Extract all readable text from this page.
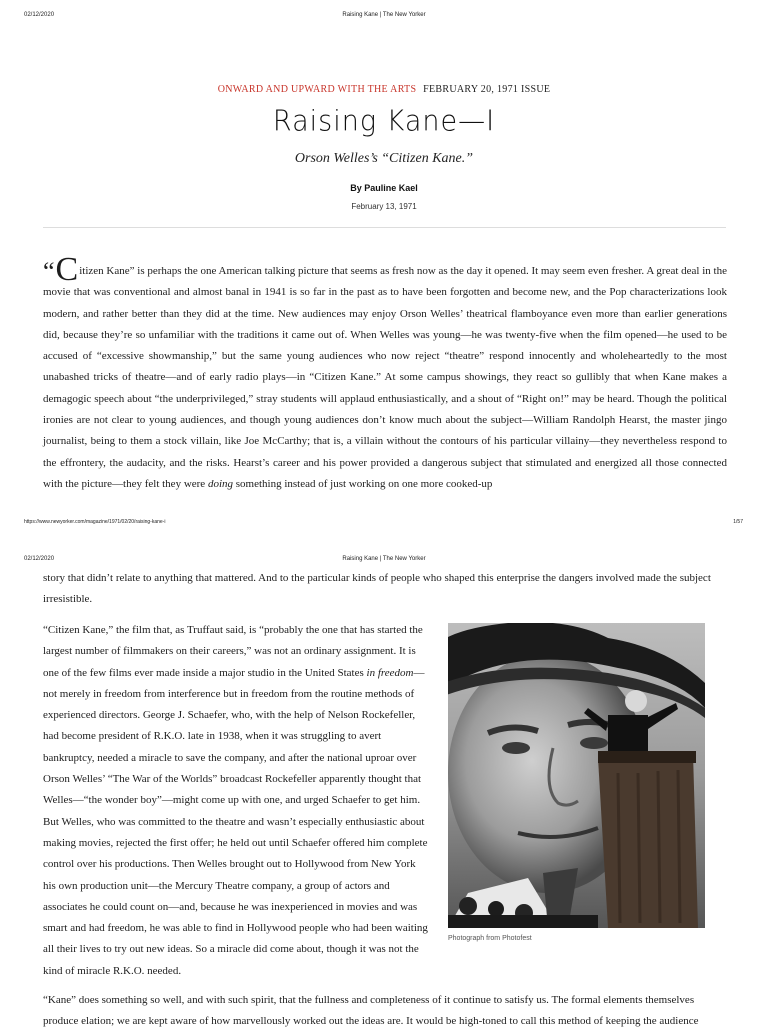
02/12/2020	Raising Kane | The New Yorker
ONWARD AND UPWARD WITH THE ARTS FEBRUARY 20, 1971 ISSUE
Raising Kane—I
Orson Welles’s “Citizen Kane.”
By Pauline Kael
February 13, 1971
“Citizen Kane” is perhaps the one American talking picture that seems as fresh now as the day it opened. It may seem even fresher. A great deal in the movie that was conventional and almost banal in 1941 is so far in the past as to have been forgotten and become new, and the Pop characterizations look modern, and rather better than they did at the time. New audiences may enjoy Orson Welles’ theatrical flamboyance even more than earlier generations did, because they’re so unfamiliar with the traditions it came out of. When Welles was young—he was twenty-five when the film opened—he used to be accused of “excessive showmanship,” but the same young audiences who now reject “theatre” respond innocently and wholeheartedly to the most unabashed tricks of theatre—and of early radio plays—in “Citizen Kane.” At some campus showings, they react so gullibly that when Kane makes a demagogic speech about “the underprivileged,” stray students will applaud enthusiastically, and a shout of “Right on!” may be heard. Though the political ironies are not clear to young audiences, and though young audiences don’t know much about the subject—William Randolph Hearst, the master jingo journalist, being to them a stock villain, like Joe McCarthy; that is, a villain without the contours of his particular villainy—they nevertheless respond to the effrontery, the audacity, and the risks. Hearst’s career and his power provided a dangerous subject that stimulated and energized all those connected with the picture—they felt they were doing something instead of just working on one more cooked-up
https://www.newyorker.com/magazine/1971/02/20/raising-kane-i	1/57
02/12/2020	Raising Kane | The New Yorker
story that didn’t relate to anything that mattered. And to the particular kinds of people who shaped this enterprise the dangers involved made the subject irresistible.
“Citizen Kane,” the film that, as Truffaut said, is “probably the one that has started the largest number of filmmakers on their careers,” was not an ordinary assignment. It is one of the few films ever made inside a major studio in the United States in freedom—not merely in freedom from interference but in freedom from the routine methods of experienced directors. George J. Schaefer, who, with the help of Nelson Rockefeller, had become president of R.K.O. late in 1938, when it was struggling to avert bankruptcy, needed a miracle to save the company, and after the national uproar over Orson Welles’ “The War of the Worlds” broadcast Rockefeller apparently thought that Welles—“the wonder boy”—might come up with one, and urged Schaefer to get him. But Welles, who was committed to the theatre and wasn’t especially enthusiastic about making movies, rejected the first offer; he held out until Schaefer offered him complete control over his productions. Then Welles brought out to Hollywood from New York his own production unit—the Mercury Theatre company, a group of actors and associates he could count on—and, because he was inexperienced in movies and was smart and had freedom, he was able to find in Hollywood people who had been waiting all their lives to try out new ideas. So a miracle did come about, though it was not the kind of miracle R.K.O. needed.
Photograph from Photofest
“Kane” does something so well, and with such spirit, that the fullness and completeness of it continue to satisfy us. The formal elements themselves produce elation; we are kept aware of how marvellously worked out the ideas are. It would be high-toned to call this method of keeping the audience
